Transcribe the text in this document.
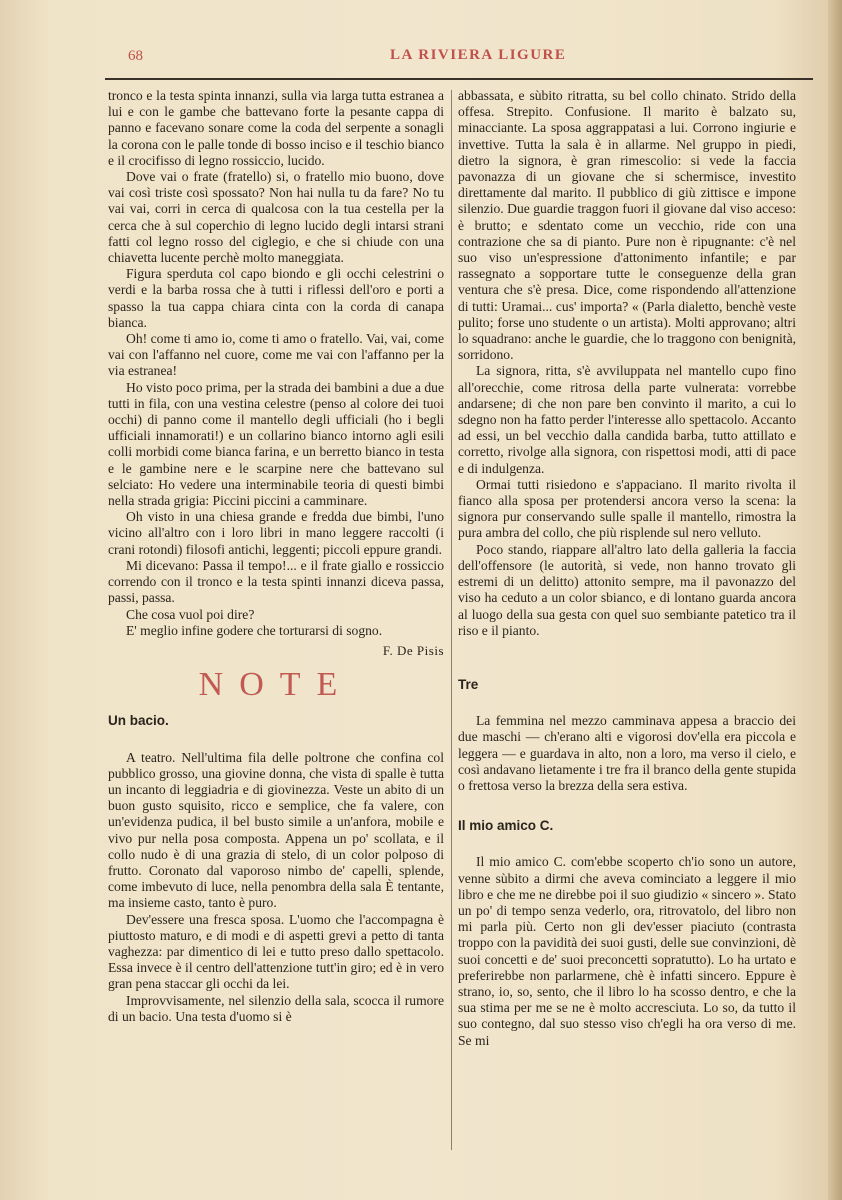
68	LA RIVIERA LIGURE

tronco e la testa spinta innanzi, sulla via larga tutta estranea a lui e con le gambe che battevano forte la pesante cappa di panno e facevano sonare come la coda del serpente a sonagli la corona con le palle tonde di bosso inciso e il teschio bianco e il crocifisso di legno rossiccio, lucido.

Dove vai o frate (fratello) si, o fratello mio buono, dove vai così triste così spossato? Non hai nulla tu da fare? No tu vai vai, corri in cerca di qualcosa con la tua cestella per la cerca che à sul coperchio di legno lucido degli intarsi strani fatti col legno rosso del ciglegio, e che si chiude con una chiavetta lucente perchè molto maneggiata.

Figura sperduta col capo biondo e gli occhi celestrini o verdi e la barba rossa che à tutti i riflessi dell'oro e porti a spasso la tua cappa chiara cinta con la corda di canapa bianca.

Oh! come ti amo io, come ti amo o fratello. Vai, vai, come vai con l'affanno nel cuore, come me vai con l'affanno per la via estranea!

Ho visto poco prima, per la strada dei bambini a due a due tutti in fila, con una vestina celestre (penso al colore dei tuoi occhi) di panno come il mantello degli ufficiali (ho i begli ufficiali innamorati!) e un collarino bianco intorno agli esili colli morbidi come bianca farina, e un berretto bianco in testa e le gambine nere e le scarpine nere che battevano sul selciato: Ho vedere una interminabile teoria di questi bimbi nella strada grigia: Piccini piccini a camminare.

Oh visto in una chiesa grande e fredda due bimbi, l'uno vicino all'altro con i loro libri in mano leggere raccolti (i crani rotondi) filosofi antichi, leggenti; piccoli eppure grandi.

Mi dicevano: Passa il tempo!... e il frate giallo e rossiccio correndo con il tronco e la testa spinti innanzi diceva passa, passi, passa.

Che cosa vuol poi dire?

E' meglio infine godere che torturarsi di sogno.

F. De Pisis
NOTE
Un bacio.

A teatro. Nell'ultima fila delle poltrone che confina col pubblico grosso, una giovine donna, che vista di spalle è tutta un incanto di leggiadria e di giovinezza. Veste un abito di un buon gusto squisito, ricco e semplice, che fa valere, con un'evidenza pudica, il bel busto simile a un'anfora, mobile e vivo pur nella posa composta. Appena un po' scollata, e il collo nudo è di una grazia di stelo, di un color polposo di frutto. Coronato dal vaporoso nimbo de' capelli, splende, come imbevuto di luce, nella penombra della sala È tentante, ma insieme casto, tanto è puro.

Dev'essere una fresca sposa. L'uomo che l'accompagna è piuttosto maturo, e di modi e di aspetti grevi a petto di tanta vaghezza: par dimentico di lei e tutto preso dallo spettacolo. Essa invece è il centro dell'attenzione tutt'in giro; ed è in vero gran pena staccar gli occhi da lei.

Improvvisamente, nel silenzio della sala, scocca il rumore di un bacio. Una testa d'uomo si è

abbassata, e sùbito ritratta, su bel collo chinato. Strido della offesa. Strepito. Confusione. Il marito è balzato su, minacciante. La sposa aggrappatasi a lui. Corrono ingiurie e invettive. Tutta la sala è in allarme. Nel gruppo in piedi, dietro la signora, è gran rimescolio: si vede la faccia pavonazza di un giovane che si schermisce, investito direttamente dal marito. Il pubblico di giù zittisce e impone silenzio. Due guardie traggon fuori il giovane dal viso acceso: è brutto; e sdentato come un vecchio, ride con una contrazione che sa di pianto. Pure non è ripugnante: c'è nel suo viso un'espressione d'attonimento infantile; e par rassegnato a sopportare tutte le conseguenze della gran ventura che s'è presa. Dice, come rispondendo all'attenzione di tutti: Uramai... cus' importa? « (Parla dialetto, benchè veste pulito; forse uno studente o un artista). Molti approvano; altri lo squadrano: anche le guardie, che lo traggono con benignità, sorridono.

La signora, ritta, s'è avviluppata nel mantello cupo fino all'orecchie, come ritrosa della parte vulnerata: vorrebbe andarsene; di che non pare ben convinto il marito, a cui lo sdegno non ha fatto perder l'interesse allo spettacolo. Accanto ad essi, un bel vecchio dalla candida barba, tutto attillato e corretto, rivolge alla signora, con rispettosi modi, atti di pace e di indulgenza.

Ormai tutti risiedono e s'appaciano. Il marito rivolta il fianco alla sposa per protendersi ancora verso la scena: la signora pur conservando sulle spalle il mantello, rimostra la pura ambra del collo, che più risplende sul nero velluto.

Poco stando, riappare all'altro lato della galleria la faccia dell'offensore (le autorità, si vede, non hanno trovato gli estremi di un delitto) attonito sempre, ma il pavonazzo del viso ha ceduto a un color sbianco, e di lontano guarda ancora al luogo della sua gesta con quel suo sembiante patetico tra il riso e il pianto.

Tre

La femmina nel mezzo camminava appesa a braccio dei due maschi — ch'erano alti e vigorosi dov'ella era piccola e leggera — e guardava in alto, non a loro, ma verso il cielo, e così andavano lietamente i tre fra il branco della gente stupida o frettosa verso la brezza della sera estiva.

Il mio amico C.

Il mio amico C. com'ebbe scoperto ch'io sono un autore, venne sùbito a dirmi che aveva cominciato a leggere il mio libro e che me ne direbbe poi il suo giudizio « sincero ». Stato un po' di tempo senza vederlo, ora, ritrovatolo, del libro non mi parla più. Certo non gli dev'esser piaciuto (contrasta troppo con la pavidità dei suoi gusti, delle sue convinzioni, dè suoi concetti e de' suoi preconcetti sopratutto). Lo ha urtato e preferirebbe non parlarmene, chè è infatti sincero. Eppure è strano, io, so, sento, che il libro lo ha scosso dentro, e che la sua stima per me se ne è molto accresciuta. Lo so, da tutto il suo contegno, dal suo stesso viso ch'egli ha ora verso di me. Se mi
